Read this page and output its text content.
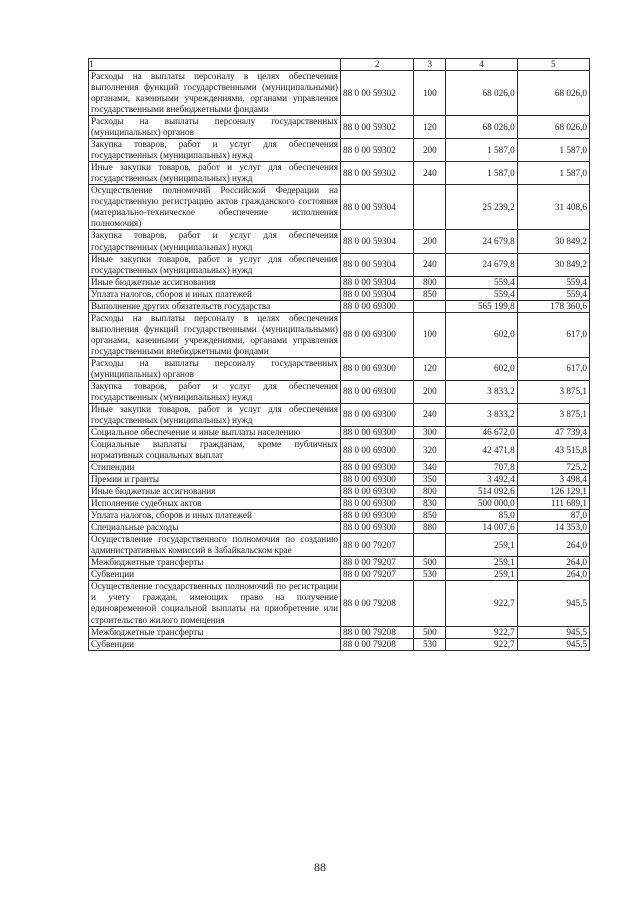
1	2	3	4	5
Расходы на выплаты персоналу в целях обеспечения выполнения функций государственными (муниципальными) органами, казенными учреждениями, органами управления государственными внебюджетными фондами	88 0 00 59302	100	68 026,0	68 026,0
Расходы на выплаты персоналу государственных (муниципальных) органов	88 0 00 59302	120	68 026,0	68 026,0
Закупка товаров, работ и услуг для обеспечения государственных (муниципальных) нужд	88 0 00 59302	200	1 587,0	1 587,0
Иные закупки товаров, работ и услуг для обеспечения государственных (муниципальных) нужд	88 0 00 59302	240	1 587,0	1 587,0
Осуществление полномочий Российской Федерации на государственную регистрацию актов гражданского состояния (материально-техническое обеспечение исполнения полномочия)	88 0 00 59304		25 239,2	31 408,6
Закупка товаров, работ и услуг для обеспечения государственных (муниципальных) нужд	88 0 00 59304	200	24 679,8	30 849,2
Иные закупки товаров, работ и услуг для обеспечения государственных (муниципальных) нужд	88 0 00 59304	240	24 679,8	30 849,2
Иные бюджетные ассигнования	88 0 00 59304	800	559,4	559,4
Уплата налогов, сборов и иных платежей	88 0 00 59304	850	559,4	559,4
Выполнение других обязательств государства	88 0 00 69300		565 199,8	178 360,6
Расходы на выплаты персоналу в целях обеспечения выполнения функций государственными (муниципальными) органами, казенными учреждениями, органами управления государственными внебюджетными фондами	88 0 00 69300	100	602,0	617,0
Расходы на выплаты персоналу государственных (муниципальных) органов	88 0 00 69300	120	602,0	617,0
Закупка товаров, работ и услуг для обеспечения государственных (муниципальных) нужд	88 0 00 69300	200	3 833,2	3 875,1
Иные закупки товаров, работ и услуг для обеспечения государственных (муниципальных) нужд	88 0 00 69300	240	3 833,2	3 875,1
Социальное обеспечение и иные выплаты населению	88 0 00 69300	300	46 672,0	47 739,4
Социальные выплаты гражданам, кроме публичных нормативных социальных выплат	88 0 00 69300	320	42 471,8	43 515,8
Стипендии	88 0 00 69300	340	707,8	725,2
Премии и гранты	88 0 00 69300	350	3 492,4	3 498,4
Иные бюджетные ассигнования	88 0 00 69300	800	514 092,6	126 129,1
Исполнение судебных актов	88 0 00 69300	830	500 000,0	111 689,1
Уплата налогов, сборов и иных платежей	88 0 00 69300	850	85,0	87,0
Специальные расходы	88 0 00 69300	880	14 007,6	14 353,0
Осуществление государственного полномочия по созданию административных комиссий в Забайкальском крае	88 0 00 79207		259,1	264,0
Межбюджетные трансферты	88 0 00 79207	500	259,1	264,0
Субвенции	88 0 00 79207	530	259,1	264,0
Осуществление государственных полномочий по регистрации и учету граждан, имеющих право на получение единовременной социальной выплаты на приобретение или строительство жилого помещения	88 0 00 79208		922,7	945,5
Межбюджетные трансферты	88 0 00 79208	500	922,7	945,5
Субвенции	88 0 00 79208	530	922,7	945,5
88
